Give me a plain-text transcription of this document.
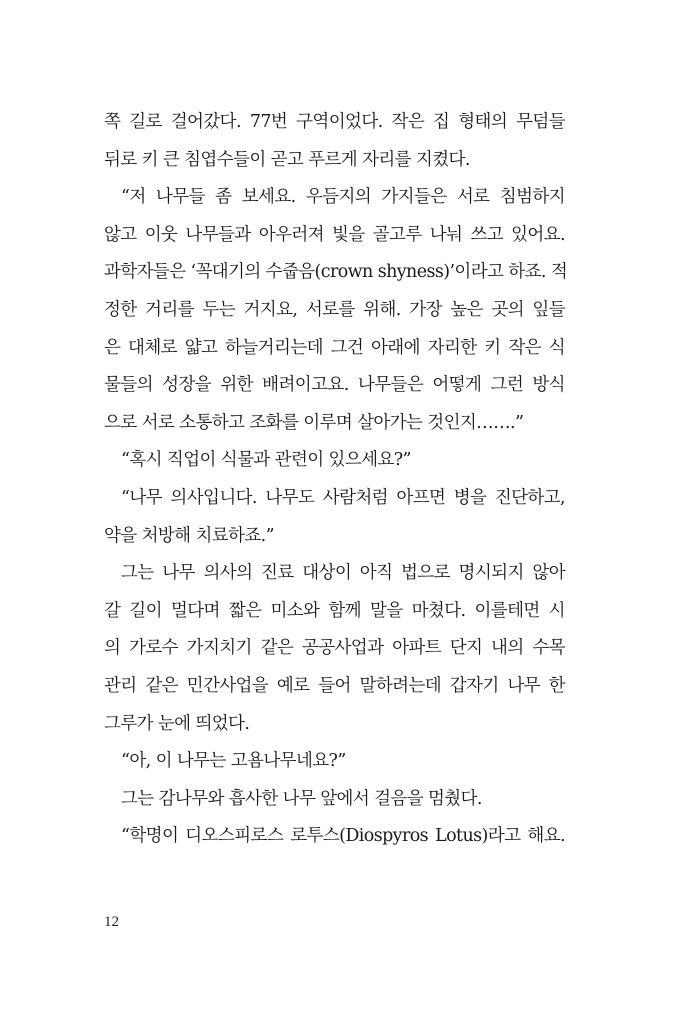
쪽 길로 걸어갔다. 77번 구역이었다. 작은 집 형태의 무덤들
뒤로 키 큰 침엽수들이 곧고 푸르게 자리를 지켰다.
“저 나무들 좀 보세요. 우듬지의 가지들은 서로 침범하지
않고 이웃 나무들과 아우러져 빛을 골고루 나눠 쓰고 있어요.
과학자들은 ‘꼭대기의 수줍음(crown shyness)’이라고 하죠. 적
정한 거리를 두는 거지요, 서로를 위해. 가장 높은 곳의 잎들
은 대체로 얇고 하늘거리는데 그건 아래에 자리한 키 작은 식
물들의 성장을 위한 배려이고요. 나무들은 어떻게 그런 방식
으로 서로 소통하고 조화를 이루며 살아가는 것인지…….”
“혹시 직업이 식물과 관련이 있으세요?”
“나무 의사입니다. 나무도 사람처럼 아프면 병을 진단하고,
약을 처방해 치료하죠.”
그는 나무 의사의 진료 대상이 아직 법으로 명시되지 않아
갈 길이 멀다며 짧은 미소와 함께 말을 마쳤다. 이를테면 시
의 가로수 가지치기 같은 공공사업과 아파트 단지 내의 수목
관리 같은 민간사업을 예로 들어 말하려는데 갑자기 나무 한
그루가 눈에 띄었다.
“아, 이 나무는 고욤나무네요?”
그는 감나무와 흡사한 나무 앞에서 걸음을 멈췄다.
“학명이 디오스피로스 로투스(Diospyros Lotus)라고 해요.
12
